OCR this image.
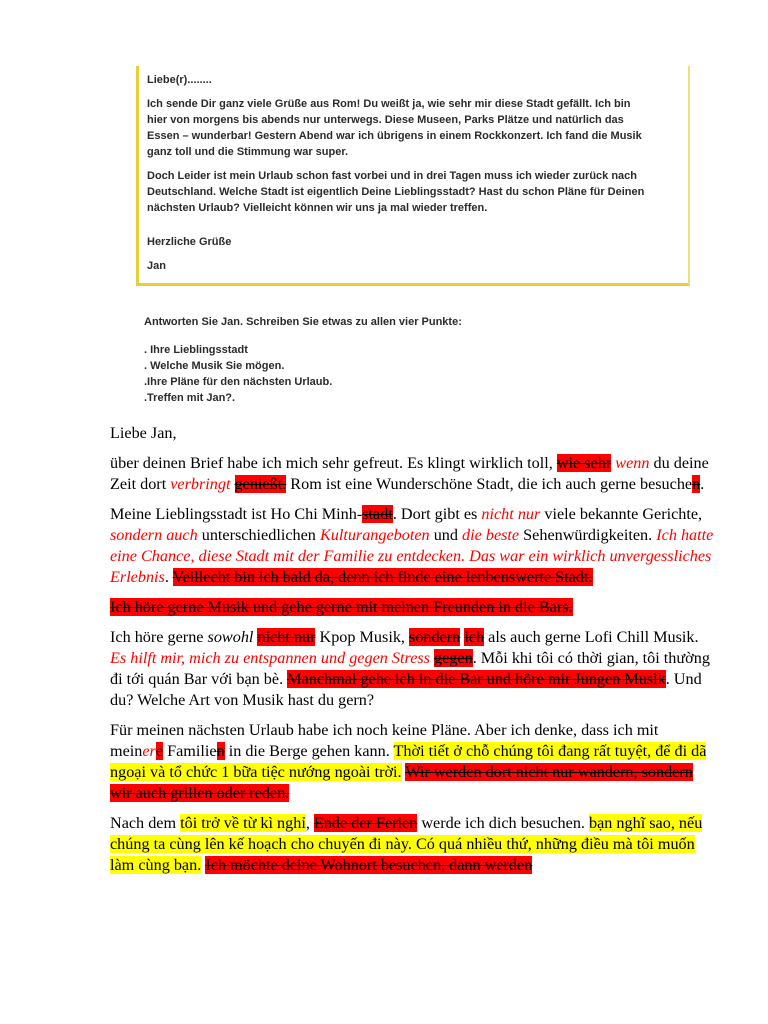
Liebe(r)........

Ich sende Dir ganz viele Grüße aus Rom! Du weißt ja, wie sehr mir diese Stadt gefällt. Ich bin

hier von morgens bis abends nur unterwegs. Diese Museen, Parks Plätze und natürlich das

Essen – wunderbar! Gestern Abend war ich übrigens in einem Rockkonzert. Ich fand die Musik

ganz toll und die Stimmung war super.

Doch Leider ist mein Urlaub schon fast vorbei und in drei Tagen muss ich wieder zurück nach

Deutschland. Welche Stadt ist eigentlich Deine Lieblingsstadt? Hast du schon Pläne für Deinen

nächsten Urlaub? Vielleicht können wir uns ja mal wieder treffen.

Herzliche Grüße

Jan

Antworten Sie Jan. Schreiben Sie etwas zu allen vier Punkte:

. Ihre Lieblingsstadt

. Welche Musik Sie mögen.

.Ihre Pläne für den nächsten Urlaub.

.Treffen mit Jan?.

Liebe Jan,

über deinen Brief habe ich mich sehr gefreut. Es klingt wirklich toll, wie sehr wenn du deine Zeit dort verbringt genießt. Rom ist eine Wunderschöne Stadt, die ich auch gerne besuchen.

Meine Lieblingsstadt ist Ho Chi Minh-stadt. Dort gibt es nicht nur viele bekannte Gerichte, sondern auch unterschiedlichen Kulturangeboten und die beste Sehenwürdigkeiten. Ich hatte eine Chance, diese Stadt mit der Familie zu entdecken. Das war ein wirklich unvergessliches Erlebnis. Veillecht bin ich bald da, denn ich finde eine lenbenswerte Stadt.

Ich höre gerne Musik und gehe gerne mit meinen Freunden in die Bars.

Ich höre gerne sowohl nicht nur Kpop Musik, sondern ich als auch gerne Lofi Chill Musik. Es hilft mir, mich zu entspannen und gegen Stress gegen. Mỗi khi tôi có thời gian, tôi thường đi tới quán Bar với bạn bè. Manchmal gehe ich in die Bar und höre mir Jungen Musik. Und du? Welche Art von Musik hast du gern?

Für meinen nächsten Urlaub habe ich noch keine Pläne. Aber ich denke, dass ich mit meinere Familien in die Berge gehen kann. Thời tiết ở chỗ chúng tôi đang rất tuyệt, để đi dã ngoại và tổ chức 1 bữa tiệc nướng ngoài trời. Wir werden dort nicht nur wandern, sondern wir auch grillen oder reden.

Nach dem tôi trở về từ kì nghỉ, Ende der Ferien werde ich dich besuchen. bạn nghĩ sao, nếu chúng ta cùng lên kế hoạch cho chuyến đi này. Có quá nhiều thứ, những điều mà tôi muốn làm cùng bạn. Ich möchte deine Wohnort besuchen, dann werden
